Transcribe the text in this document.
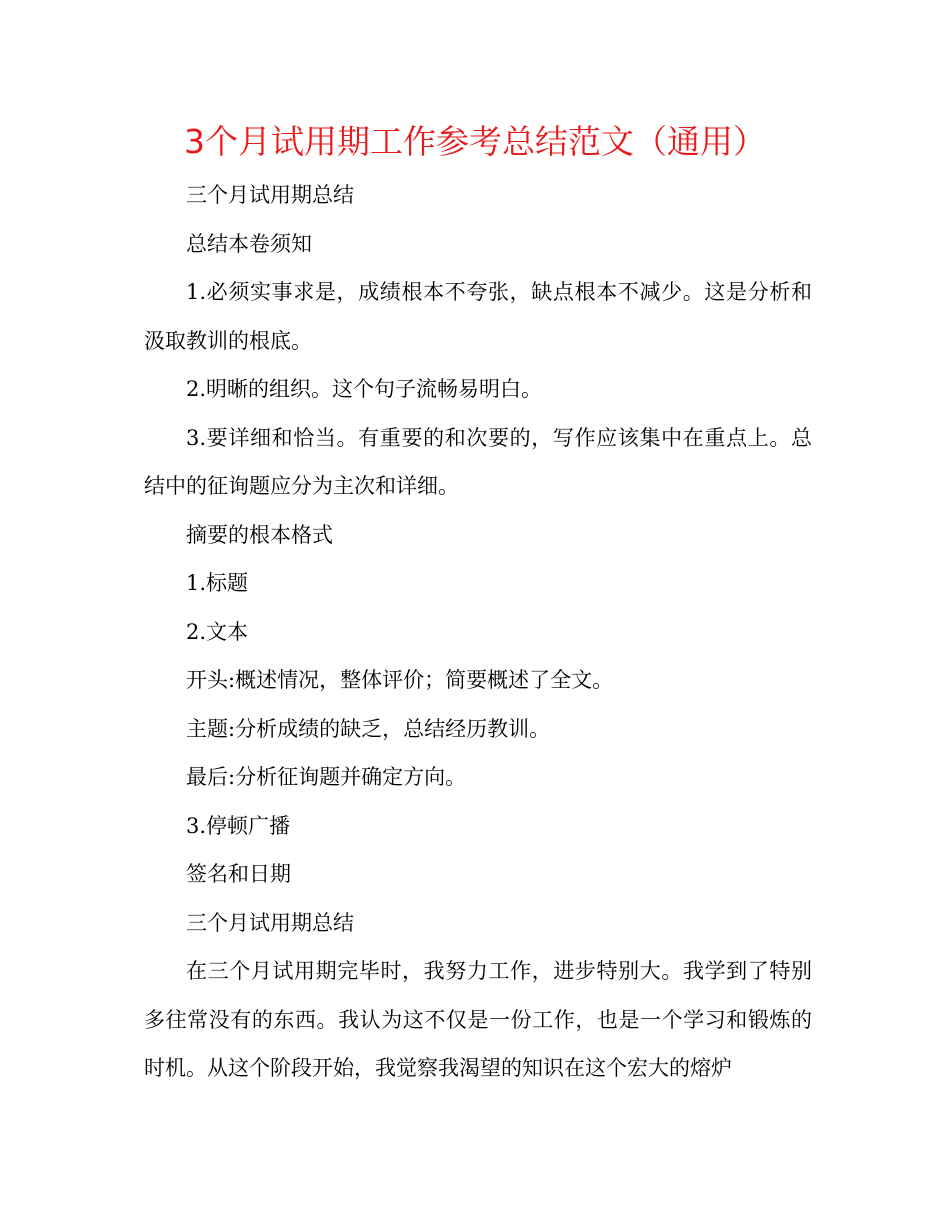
3个月试用期工作参考总结范文（通用）

三个月试用期总结

总结本卷须知

1.必须实事求是，成绩根本不夸张，缺点根本不减少。这是分析和汲取教训的根底。

2.明晰的组织。这个句子流畅易明白。

3.要详细和恰当。有重要的和次要的，写作应该集中在重点上。总结中的征询题应分为主次和详细。

摘要的根本格式

1.标题

2.文本

开头:概述情况，整体评价；简要概述了全文。

主题:分析成绩的缺乏，总结经历教训。

最后:分析征询题并确定方向。

3.停顿广播

签名和日期

三个月试用期总结

在三个月试用期完毕时，我努力工作，进步特别大。我学到了特别多往常没有的东西。我认为这不仅是一份工作，也是一个学习和锻炼的时机。从这个阶段开始，我觉察我渴望的知识在这个宏大的熔炉
